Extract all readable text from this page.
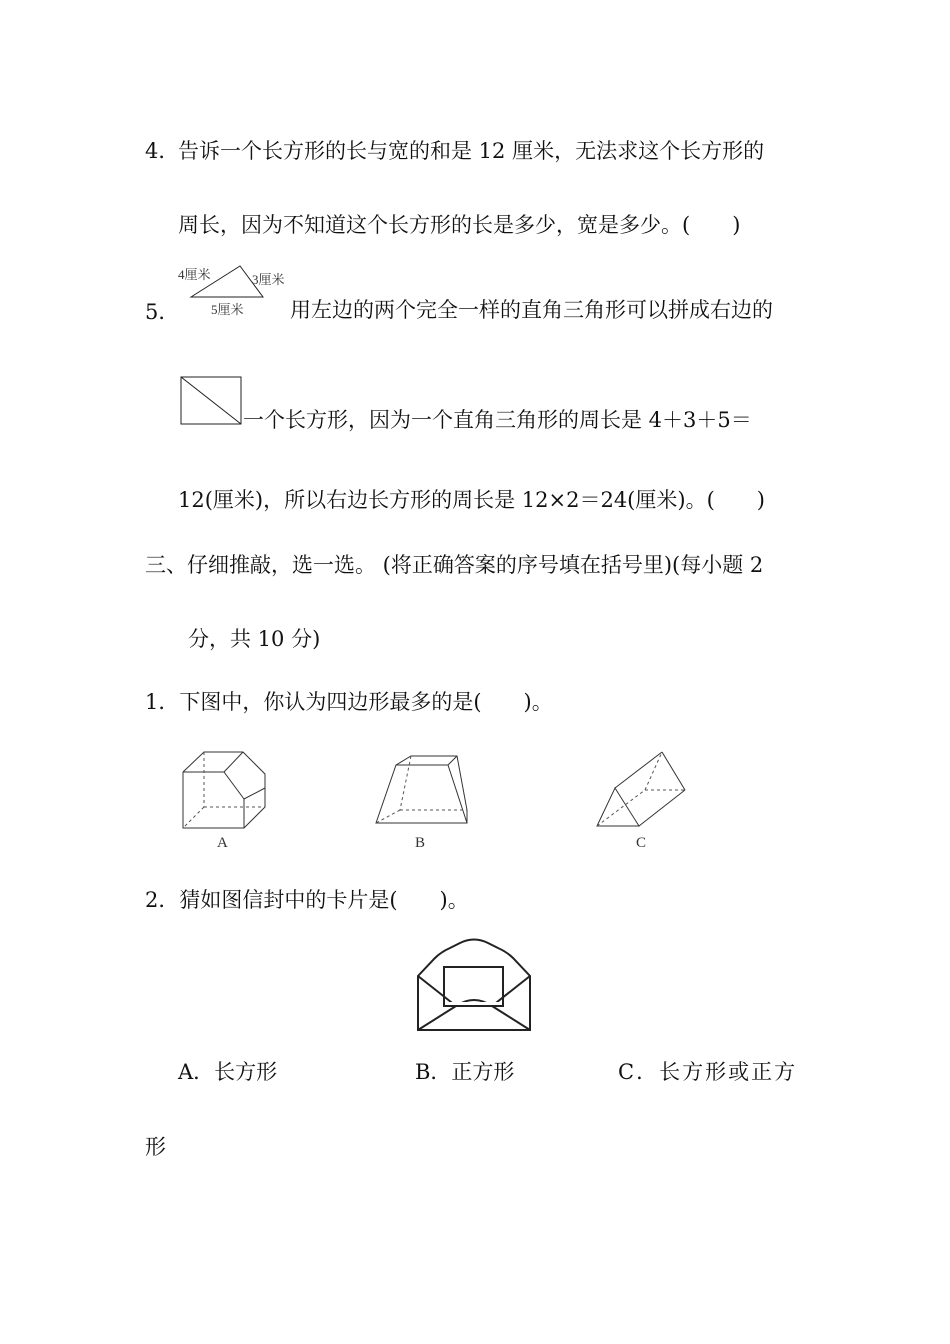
4．
告诉一个长方形的长与宽的和是 12 厘米，无法求这个长方形的
周长，因为不知道这个长方形的长是多少，宽是多少。(　　)
4厘米	3厘米
5厘米
5．	用左边的两个完全一样的直角三角形可以拼成右边的
一个长方形，因为一个直角三角形的周长是 4＋3＋5＝
12(厘米)，所以右边长方形的周长是 12×2＝24(厘米)。(　　)
三、仔细推敲，选一选。 (将正确答案的序号填在括号里)(每小题 2
分，共 10 分)
1．下图中，你认为四边形最多的是(　　)。
A	B	C
2．猜如图信封中的卡片是(　　)。
A．长方形	B．正方形	C．长方形或正方
形
